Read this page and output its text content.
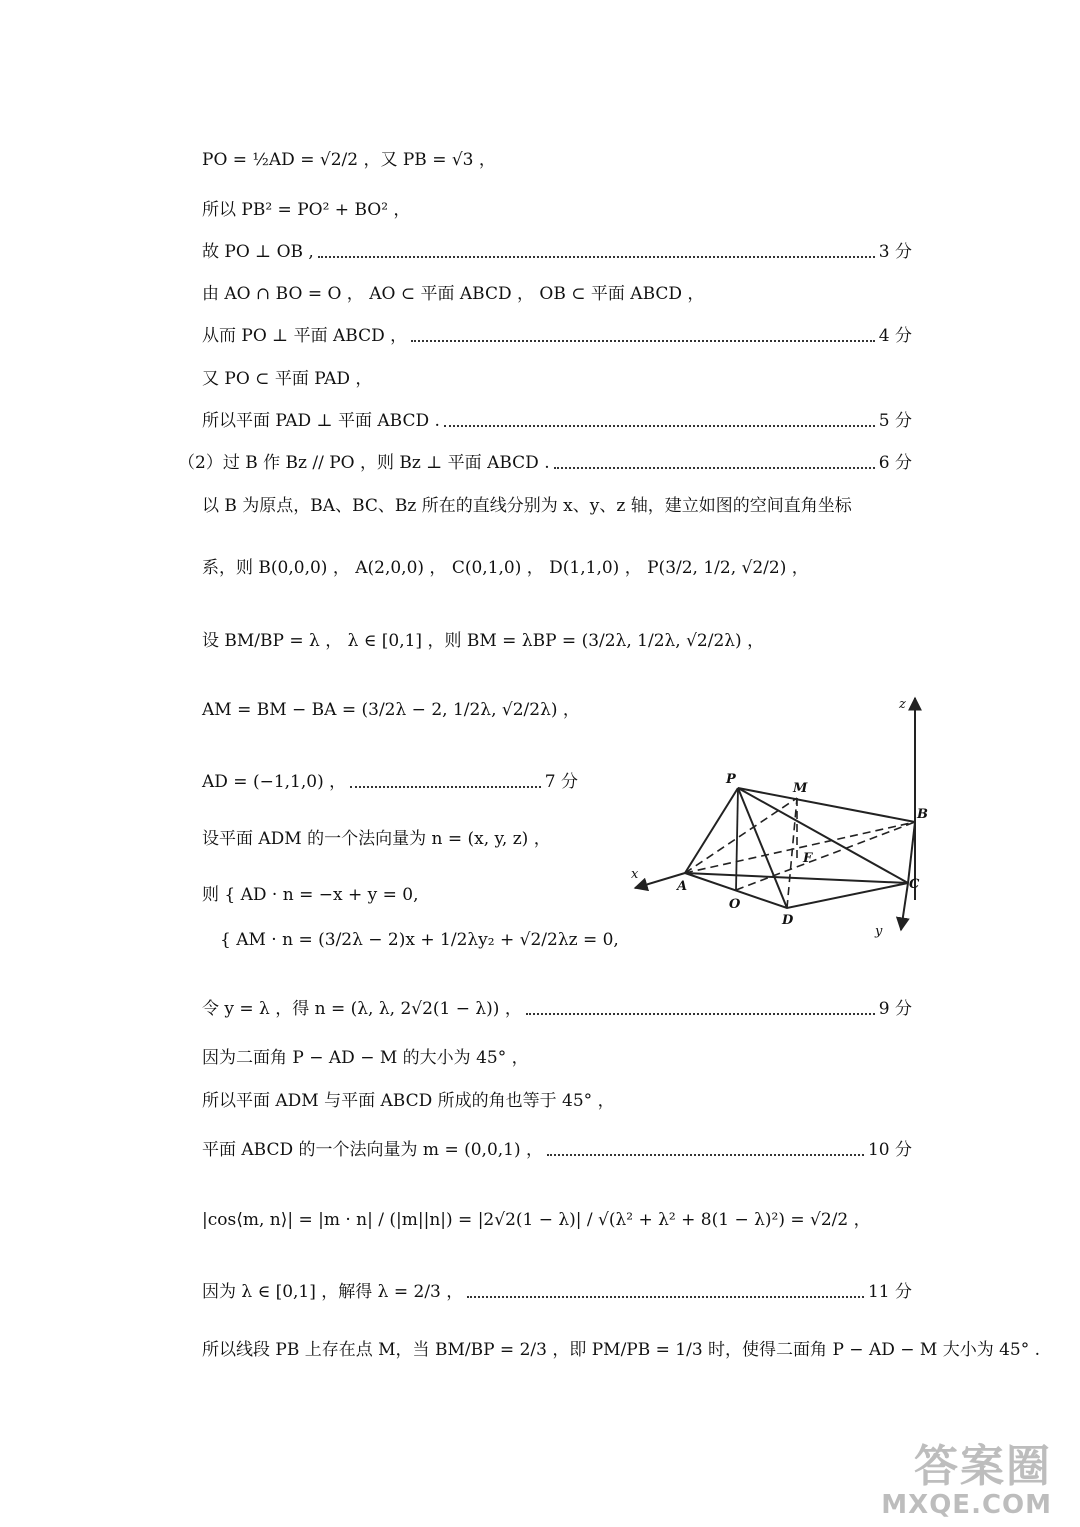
PO = ½AD = √2/2 ，又 PB = √3 ，
所以 PB² = PO² + BO² ，
故 PO ⊥ OB ,	3 分
由 AO ∩ BO = O ， AO ⊂ 平面 ABCD ， OB ⊂ 平面 ABCD ，
从而 PO ⊥ 平面 ABCD ，	4 分
又 PO ⊂ 平面 PAD ，
所以平面 PAD ⊥ 平面 ABCD .	5 分
（2）过 B 作 Bz // PO ，则 Bz ⊥ 平面 ABCD .	6 分
以 B 为原点，BA、BC、Bz 所在的直线分别为 x、y、z 轴，建立如图的空间直角坐标
系，则 B(0,0,0) ， A(2,0,0) ， C(0,1,0) ， D(1,1,0) ， P(3/2, 1/2, √2/2) ，
设 BM/BP = λ ， λ ∈ [0,1] ，则 BM = λBP = (3/2λ, 1/2λ, √2/2λ) ，
AM = BM − BA = (3/2λ − 2, 1/2λ, √2/2λ) ，
AD = (−1,1,0) ，	7 分
设平面 ADM 的一个法向量为 n = (x, y, z) ，
则 { AD · n = −x + y = 0,
{ AM · n = (3/2λ − 2)x + 1/2λy₂ + √2/2λz = 0,
令 y = λ ，得 n = (λ, λ, 2√2(1 − λ)) ，	9 分
因为二面角 P − AD − M 的大小为 45° ，
所以平面 ADM 与平面 ABCD 所成的角也等于 45° ，
平面 ABCD 的一个法向量为 m = (0,0,1) ，	10 分
|cos⟨m, n⟩| = |m · n| / (|m||n|) = |2√2(1 − λ)| / √(λ² + λ² + 8(1 − λ)²) = √2/2 ，
因为 λ ∈ [0,1] ，解得 λ = 2/3 ，	11 分
所以线段 PB 上存在点 M，当 BM/BP = 2/3 ，即 PM/PB = 1/3 时，使得二面角 P − AD − M 大小为 45° .
z
x
y
P
M
B
F
A
O
C
D
答案圈
MXQE.COM
